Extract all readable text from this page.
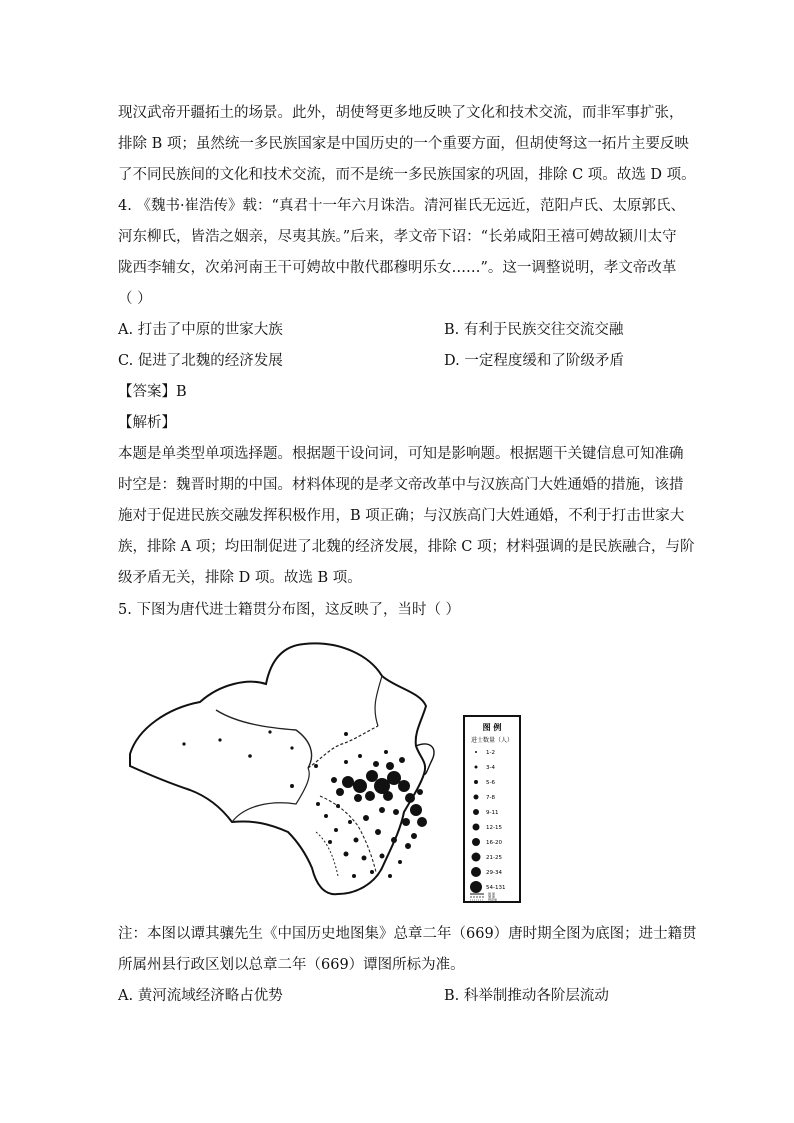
现汉武帝开疆拓土的场景。此外，胡使弩更多地反映了文化和技术交流，而非军事扩张，
排除 B 项；虽然统一多民族国家是中国历史的一个重要方面，但胡使弩这一拓片主要反映
了不同民族间的文化和技术交流，而不是统一多民族国家的巩固，排除 C 项。故选 D 项。
4. 《魏书·崔浩传》载：“真君十一年六月诛浩。清河崔氏无远近，范阳卢氏、太原郭氏、
河东柳氏，皆浩之姻亲，尽夷其族。”后来，孝文帝下诏：“长弟咸阳王禧可娉故颍川太守
陇西李辅女，次弟河南王干可娉故中散代郡穆明乐女……”。这一调整说明，孝文帝改革
（ ）
A. 打击了中原的世家大族	B. 有利于民族交往交流交融
C. 促进了北魏的经济发展	D. 一定程度缓和了阶级矛盾
【答案】B
【解析】
本题是单类型单项选择题。根据题干设问词，可知是影响题。根据题干关键信息可知准确
时空是：魏晋时期的中国。材料体现的是孝文帝改革中与汉族高门大姓通婚的措施，该措
施对于促进民族交融发挥积极作用，B 项正确；与汉族高门大姓通婚，不利于打击世家大
族，排除 A 项；均田制促进了北魏的经济发展，排除 C 项；材料强调的是民族融合，与阶
级矛盾无关，排除 D 项。故选 B 项。
5. 下图为唐代进士籍贯分布图，这反映了，当时（ ）
图 例
进士数量（人）
1-2
3-4
5-6
7-8
9-11
12-15
16-20
21-25
29-34
54-131
国 界
道 界
州府界
注：本图以谭其骧先生《中国历史地图集》总章二年（669）唐时期全图为底图；进士籍贯
所属州县行政区划以总章二年（669）谭图所标为准。
A. 黄河流域经济略占优势	B. 科举制推动各阶层流动
